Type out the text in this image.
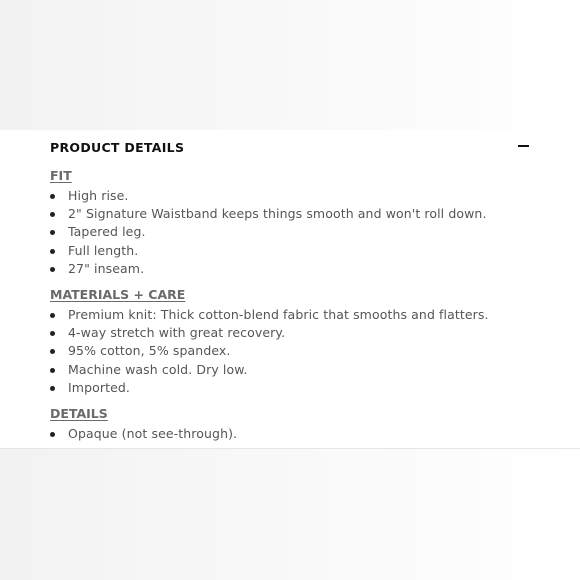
PRODUCT DETAILS
FIT
High rise.
2" Signature Waistband keeps things smooth and won't roll down.
Tapered leg.
Full length.
27" inseam.
MATERIALS + CARE
Premium knit: Thick cotton-blend fabric that smooths and flatters.
4-way stretch with great recovery.
95% cotton, 5% spandex.
Machine wash cold. Dry low.
Imported.
DETAILS
Opaque (not see-through).
